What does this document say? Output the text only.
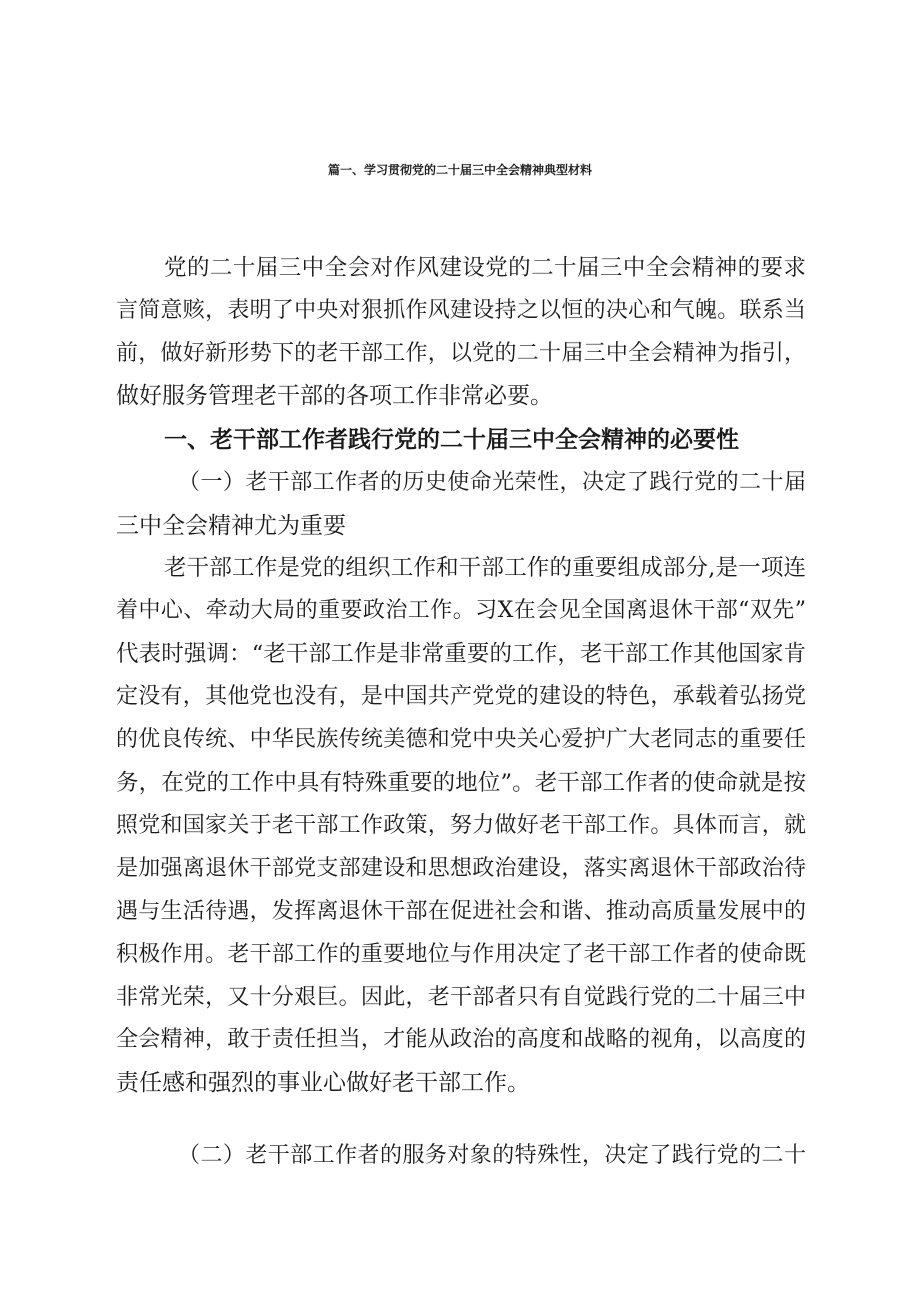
篇一、学习贯彻党的二十届三中全会精神典型材料
党的二十届三中全会对作风建设党的二十届三中全会精神的要求
言简意赅，表明了中央对狠抓作风建设持之以恒的决心和气魄。联系当
前，做好新形势下的老干部工作，以党的二十届三中全会精神为指引，
做好服务管理老干部的各项工作非常必要。
一、老干部工作者践行党的二十届三中全会精神的必要性
（一）老干部工作者的历史使命光荣性，决定了践行党的二十届
三中全会精神尤为重要
老干部工作是党的组织工作和干部工作的重要组成部分,是一项连
着中心、牵动大局的重要政治工作。习X在会见全国离退休干部“双先”
代表时强调：“老干部工作是非常重要的工作，老干部工作其他国家肯
定没有，其他党也没有，是中国共产党党的建设的特色，承载着弘扬党
的优良传统、中华民族传统美德和党中央关心爱护广大老同志的重要任
务，在党的工作中具有特殊重要的地位”。老干部工作者的使命就是按
照党和国家关于老干部工作政策，努力做好老干部工作。具体而言，就
是加强离退休干部党支部建设和思想政治建设，落实离退休干部政治待
遇与生活待遇，发挥离退休干部在促进社会和谐、推动高质量发展中的
积极作用。老干部工作的重要地位与作用决定了老干部工作者的使命既
非常光荣，又十分艰巨。因此，老干部者只有自觉践行党的二十届三中
全会精神，敢于责任担当，才能从政治的高度和战略的视角，以高度的
责任感和强烈的事业心做好老干部工作。
（二）老干部工作者的服务对象的特殊性，决定了践行党的二十
